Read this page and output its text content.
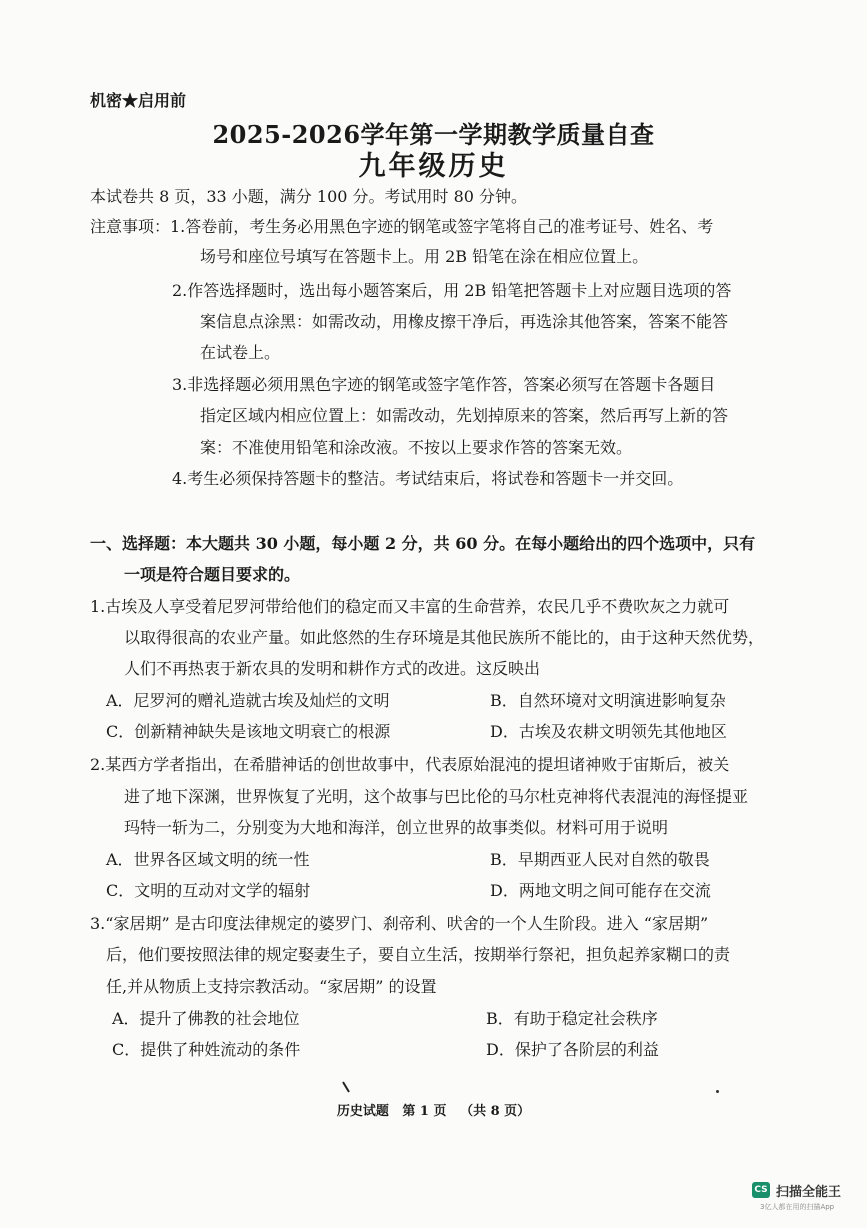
机密★启用前
2025-2026学年第一学期教学质量自查
九年级历史
本试卷共 8 页，33 小题，满分 100 分。考试用时 80 分钟。
注意事项：1.答卷前，考生务必用黑色字迹的钢笔或签字笔将自己的准考证号、姓名、考
场号和座位号填写在答题卡上。用 2B 铅笔在涂在相应位置上。
2.作答选择题时，选出每小题答案后，用 2B 铅笔把答题卡上对应题目选项的答
案信息点涂黑：如需改动，用橡皮擦干净后，再选涂其他答案，答案不能答
在试卷上。
3.非选择题必须用黑色字迹的钢笔或签字笔作答，答案必须写在答题卡各题目
指定区域内相应位置上：如需改动，先划掉原来的答案，然后再写上新的答
案：不准使用铅笔和涂改液。不按以上要求作答的答案无效。
4.考生必须保持答题卡的整洁。考试结束后，将试卷和答题卡一并交回。
一、选择题：本大题共 30 小题，每小题 2 分，共 60 分。在每小题给出的四个选项中，只有
一项是符合题目要求的。
1.古埃及人享受着尼罗河带给他们的稳定而又丰富的生命营养，农民几乎不费吹灰之力就可
以取得很高的农业产量。如此悠然的生存环境是其他民族所不能比的，由于这种天然优势，
人们不再热衷于新农具的发明和耕作方式的改进。这反映出
A．尼罗河的赠礼造就古埃及灿烂的文明	B．自然环境对文明演进影响复杂
C．创新精神缺失是该地文明衰亡的根源	D．古埃及农耕文明领先其他地区
2.某西方学者指出，在希腊神话的创世故事中，代表原始混沌的提坦诸神败于宙斯后，被关
进了地下深渊，世界恢复了光明，这个故事与巴比伦的马尔杜克神将代表混沌的海怪提亚
玛特一斩为二，分别变为大地和海洋，创立世界的故事类似。材料可用于说明
A．世界各区域文明的统一性	B．早期西亚人民对自然的敬畏
C．文明的互动对文学的辐射	D．两地文明之间可能存在交流
3.“家居期” 是古印度法律规定的婆罗门、刹帝利、吠舍的一个人生阶段。进入 “家居期”
后，他们要按照法律的规定娶妻生子，要自立生活，按期举行祭祀，担负起养家糊口的责
任,并从物质上支持宗教活动。“家居期” 的设置
A．提升了佛教的社会地位	B．有助于稳定社会秩序
C．提供了种姓流动的条件	D．保护了各阶层的利益
历史试题   第 1 页   （共 8 页）
CS 扫描全能王
3亿人都在用的扫描App
